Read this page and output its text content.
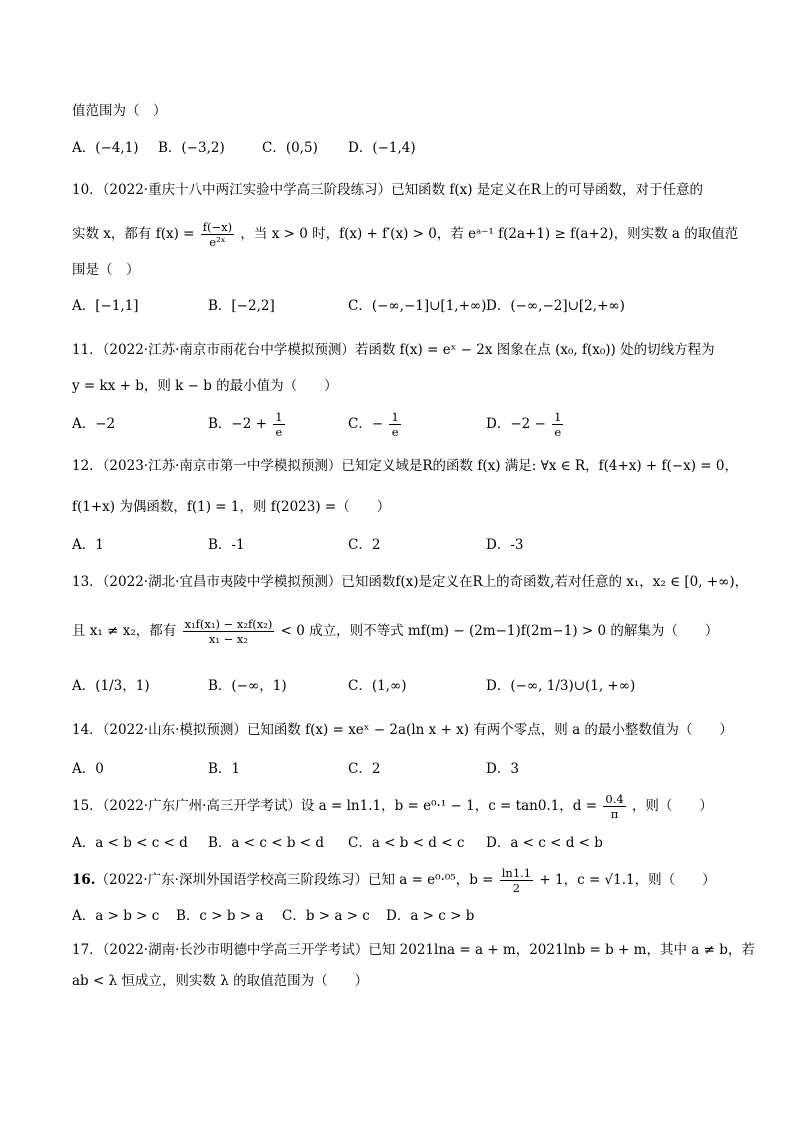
值范围为（　）
A．(−4,1) B．(−3,2)	C．(0,5) D．(−1,4)
10．（2022·重庆十八中两江实验中学高三阶段练习）已知函数 f(x) 是定义在R上的可导函数，对于任意的
实数 x，都有 $f(x) = \frac{f(-x)}{\text{e²ˣ}}$ ，当 x > 0 时，f(x) + f′(x) > 0，若 eᵃ⁻¹ f(2a+1) ≥ f(a+2)，则实数 a 的取值范
围是（　）
A．[−1,1]	B．[−2,2]	C．(−∞,−1]∪[1,+∞) D．(−∞,−2]∪[2,+∞)
11．（2022·江苏·南京市雨花台中学模拟预测）若函数 f(x) = eˣ − 2x 图象在点 (x₀, f(x₀)) 处的切线方程为
y = kx + b，则 k − b 的最小值为（　　）
A．−2	B．$-2 + \frac{1}{e}$	C．− $\frac{1}{e}$	D．$-2 - \frac{1}{e}$
12．（2023·江苏·南京市第一中学模拟预测）已知定义域是R的函数 f(x) 满足: ∀x ∈ R，f(4+x) + f(−x) = 0，
f(1+x) 为偶函数，f(1) = 1，则 f(2023) =（　　）
A．1	B．-1	C．2	D．-3
13．（2022·湖北·宜昌市夷陵中学模拟预测）已知函数f(x)是定义在R上的奇函数,若对任意的 x₁，x₂ ∈ [0, +∞)，
且 x₁ ≠ x₂，都有 $\frac{\text{x₁f(x₁) − x₂f(x₂)}}{\text{x₁ − x₂}} < 0$ 成立，则不等式 mf(m) − (2m−1)f(2m−1) > 0 的解集为（　　）
A．(1/3，1)	B．(−∞，1)	C．(1,∞)	D．(−∞, 1/3)∪(1, +∞)
14．（2022·山东·模拟预测）已知函数 f(x) = xeˣ − 2a(ln x + x) 有两个零点，则 a 的最小整数值为（　　）
A．0	B．1	C．2	D．3
15．（2022·广东广州·高三开学考试）设 a = ln1.1，b = e⁰·¹ − 1，c = tan0.1，$d = \frac{0.4}{\pi}$ ，则（　　）
A．a < b < c < d B．a < c < b < d C．a < b < d < c D．a < c < d < b
16.（2022·广东·深圳外国语学校高三阶段练习）已知 a = e⁰·⁰⁵，$b = \frac{\ln 1.1}{2} + 1$，c = √1.1，则（　　）
A．a > b > c B．c > b > a C．b > a > c D．a > c > b
17．（2022·湖南·长沙市明德中学高三开学考试）已知 2021lna = a + m，2021lnb = b + m，其中 a ≠ b，若
ab < λ 恒成立，则实数 λ 的取值范围为（　　）
